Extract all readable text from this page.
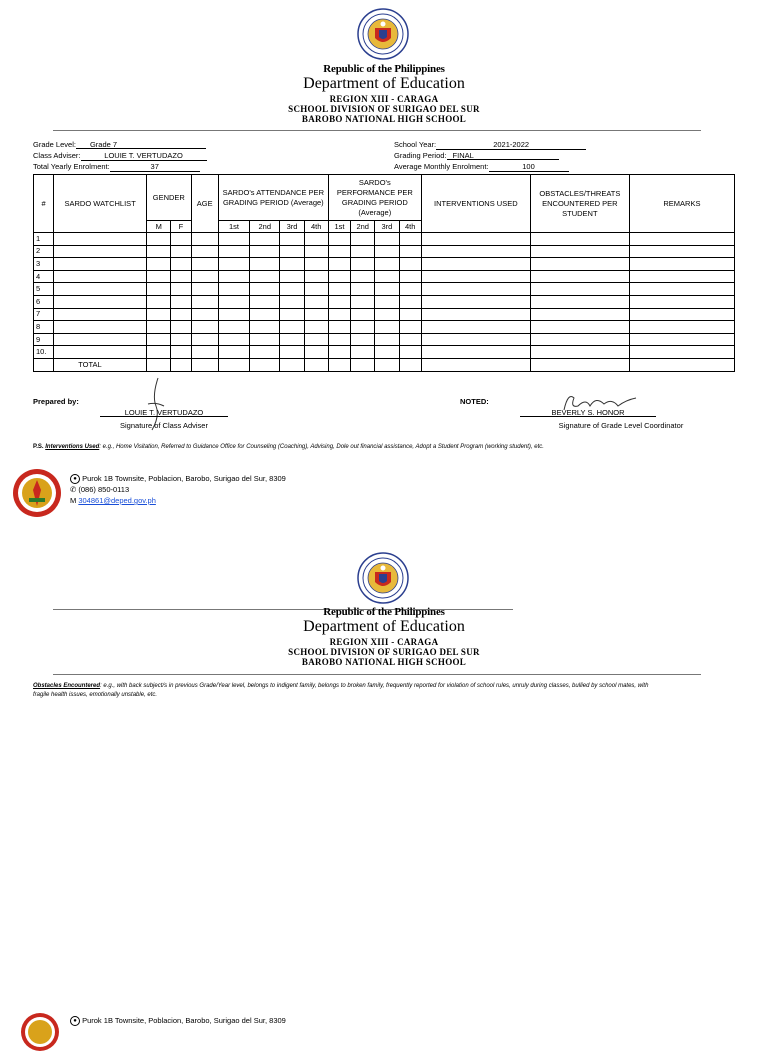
Republic of the Philippines
Department of Education
REGION XIII - CARAGA
SCHOOL DIVISION OF SURIGAO DEL SUR
BAROBO NATIONAL HIGH SCHOOL
Grade Level: Grade 7
Class Adviser:	LOUIE T. VERTUDAZO
Total Yearly Enrolment:	37
School Year:	2021-2022
Grading Period: FINAL
Average Monthly Enrolment:	100
#	SARDO WATCHLIST	GENDER		AGE	SARDO's ATTENDANCE PER GRADING PERIOD (Average)				SARDO's PERFORMANCE PER GRADING PERIOD (Average)				INTERVENTIONS USED	OBSTACLES/THREATS ENCOUNTERED PER STUDENT	REMARKS
		M	F		1st	2nd	3rd	4th	1st	2nd	3rd	4th			
1															
2															
3															
4															
5															
6															
7															
8															
9															
10.															
	TOTAL														
Prepared by:
LOUIE T. VERTUDAZO
Signature of Class Adviser
NOTED:
BEVERLY S. HONOR
Signature of Grade Level Coordinator
P.S. Interventions Used: e.g., Home Visitation, Referred to Guidance Office for Counseling (Coaching), Advising, Dole out financial assistance, Adopt a Student Program (working student), etc.
● Purok 1B Townsite, Poblacion, Barobo, Surigao del Sur, 8309
✆ (086) 850-0113
M 304861@deped.gov.ph
Republic of the Philippines
Department of Education
REGION XIII - CARAGA
SCHOOL DIVISION OF SURIGAO DEL SUR
BAROBO NATIONAL HIGH SCHOOL
Obstacles Encountered: e.g., with back subject/s in previous Grade/Year level, belongs to indigent family, belongs to broken family, frequently reported for violation of school rules, unruly during classes, bullied by school mates, with
fragile health issues, emotionally unstable, etc.
● Purok 1B Townsite, Poblacion, Barobo, Surigao del Sur, 8309
